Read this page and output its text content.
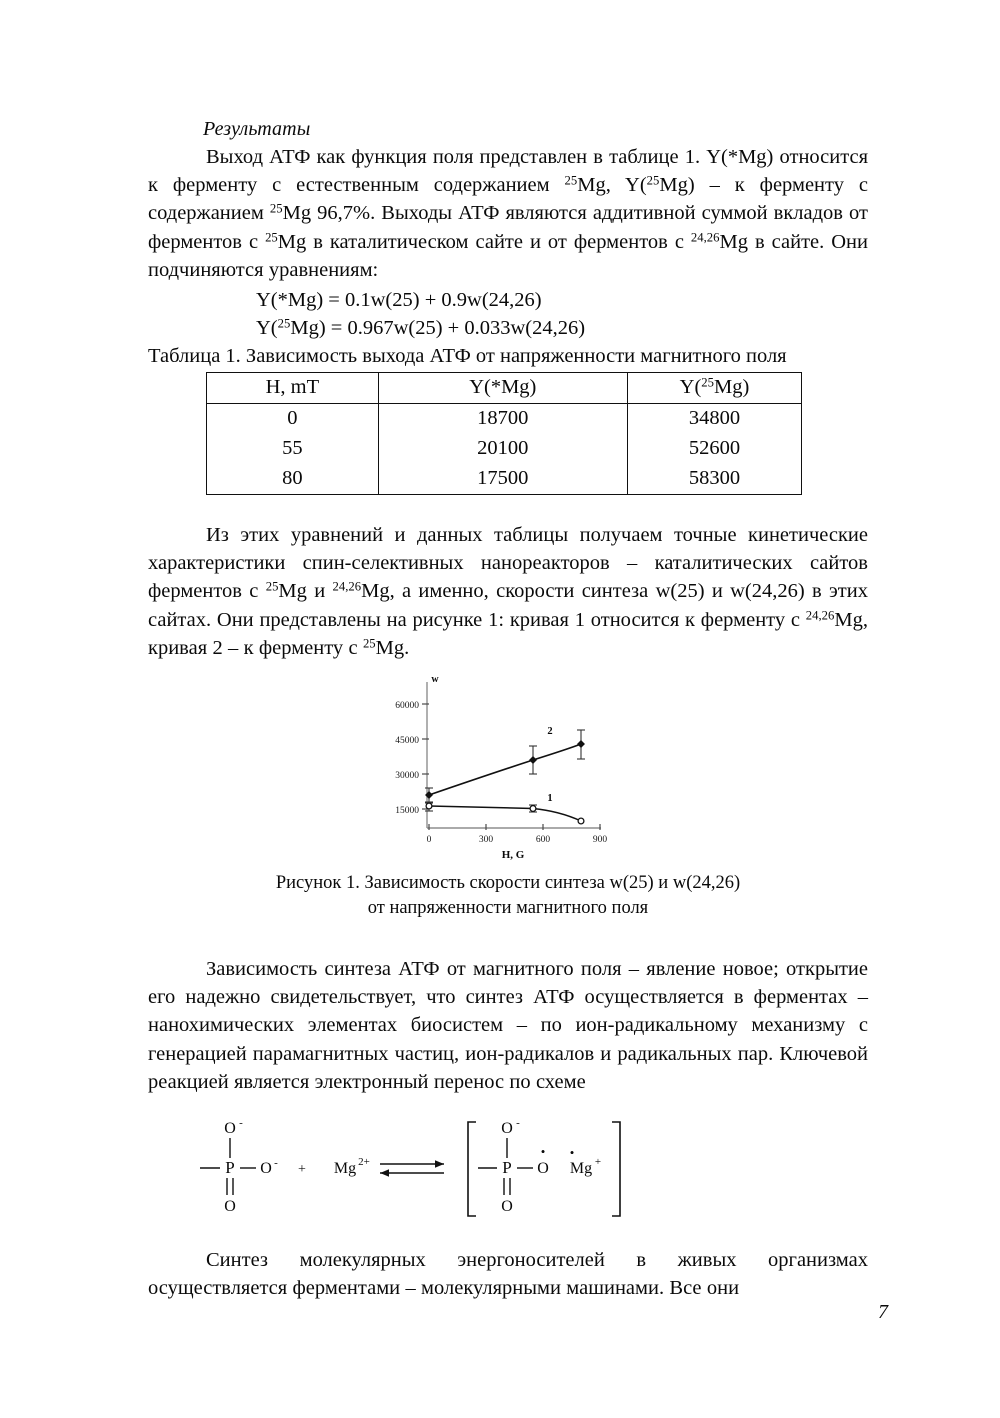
Результаты

Выход АТФ как функция поля представлен в таблице 1. Y(*Mg) относится к ферменту с естественным содержанием $^{25}$Mg, Y($^{25}$Mg) – к ферменту с содержанием $^{25}$Mg 96,7%. Выходы АТФ являются аддитивной суммой вкладов от ферментов с $^{25}$Mg в каталитическом сайте и от ферментов с $^{24,26}$Mg в сайте. Они подчиняются уравнениям:

Y(*Mg) = 0.1w(25) + 0.9w(24,26)
Y($^{25}$Mg) = 0.967w(25) + 0.033w(24,26)
Таблица 1. Зависимость выхода АТФ от напряженности магнитного поля
H, mT	Y(*Mg)	Y($^{25}$Mg)
0	18700	34800
55	20100	52600
80	17500	58300

Из этих уравнений и данных таблицы получаем точные кинетические характеристики спин-селективных нанореакторов – каталитических сайтов ферментов с $^{25}$Mg и $^{24,26}$Mg, а именно, скорости синтеза w(25) и w(24,26) в этих сайтах. Они представлены на рисунке 1: кривая 1 относится к ферменту с $^{24,26}$Mg, кривая 2 – к ферменту с $^{25}$Mg.

60000
45000
30000
15000
0	300	600	900
w
H, G
2
1
Рисунок 1. Зависимость скорости синтеза w(25) и w(24,26)
от напряженности магнитного поля

Зависимость синтеза АТФ от магнитного поля – явление новое; открытие его надежно свидетельствует, что синтез АТФ осуществляется в ферментах – нанохимических элементах биосистем – по ион-радикальному механизму с генерацией парамагнитных частиц, ион-радикалов и радикальных пар. Ключевой реакцией является электронный перенос по схеме

O -
P O -
O
+ Mg 2+
O -
P O
•
O
Mg
•
+

Синтез молекулярных энергоносителей в живых организмах осуществляется ферментами – молекулярными машинами. Все они

7
